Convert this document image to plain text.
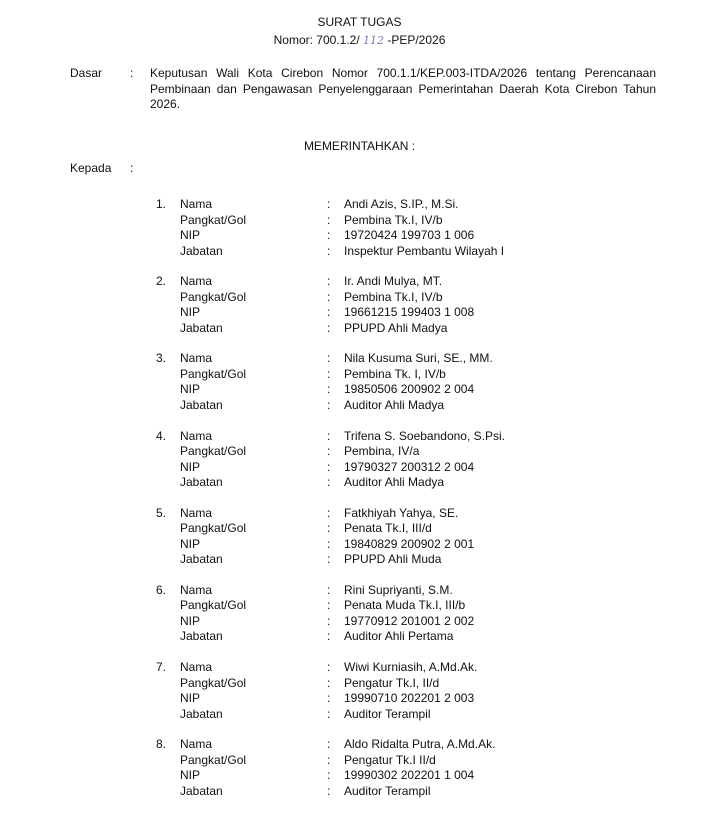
SURAT TUGAS
Nomor: 700.1.2/ 112 -PEP/2026
Dasar : Keputusan Wali Kota Cirebon Nomor 700.1.1/KEP.003-ITDA/2026 tentang Perencanaan Pembinaan dan Pengawasan Penyelenggaraan Pemerintahan Daerah Kota Cirebon Tahun 2026.
MEMERINTAHKAN :
Kepada :
1. Nama	: Andi Azis, S.IP., M.Si.
Pangkat/Gol	: Pembina Tk.I, IV/b
NIP	: 19720424 199703 1 006
Jabatan	: Inspektur Pembantu Wilayah I
2. Nama	: Ir. Andi Mulya, MT.
Pangkat/Gol	: Pembina Tk.I, IV/b
NIP	: 19661215 199403 1 008
Jabatan	: PPUPD Ahli Madya
3. Nama	: Nila Kusuma Suri, SE., MM.
Pangkat/Gol	: Pembina Tk. I, IV/b
NIP	: 19850506 200902 2 004
Jabatan	: Auditor Ahli Madya
4. Nama	: Trifena S. Soebandono, S.Psi.
Pangkat/Gol	: Pembina, IV/a
NIP	: 19790327 200312 2 004
Jabatan	: Auditor Ahli Madya
5. Nama	: Fatkhiyah Yahya, SE.
Pangkat/Gol	: Penata Tk.I, III/d
NIP	: 19840829 200902 2 001
Jabatan	: PPUPD Ahli Muda
6. Nama	: Rini Supriyanti, S.M.
Pangkat/Gol	: Penata Muda Tk.I, III/b
NIP	: 19770912 201001 2 002
Jabatan	: Auditor Ahli Pertama
7. Nama	: Wiwi Kurniasih, A.Md.Ak.
Pangkat/Gol	: Pengatur Tk.I, II/d
NIP	: 19990710 202201 2 003
Jabatan	: Auditor Terampil
8. Nama	: Aldo Ridalta Putra, A.Md.Ak.
Pangkat/Gol	: Pengatur Tk.I II/d
NIP	: 19990302 202201 1 004
Jabatan	: Auditor Terampil
